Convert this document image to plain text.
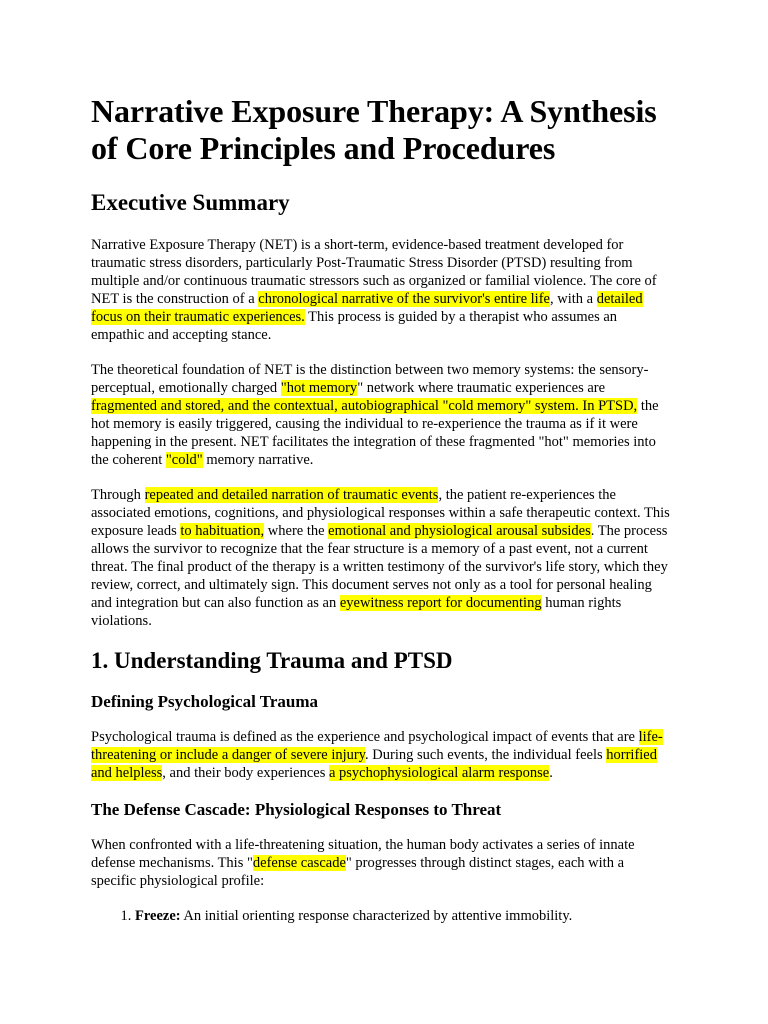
Narrative Exposure Therapy: A Synthesis of Core Principles and Procedures
Executive Summary

Narrative Exposure Therapy (NET) is a short-term, evidence-based treatment developed for traumatic stress disorders, particularly Post-Traumatic Stress Disorder (PTSD) resulting from multiple and/or continuous traumatic stressors such as organized or familial violence. The core of NET is the construction of a chronological narrative of the survivor's entire life, with a detailed focus on their traumatic experiences. This process is guided by a therapist who assumes an empathic and accepting stance.

The theoretical foundation of NET is the distinction between two memory systems: the sensory-perceptual, emotionally charged "hot memory" network where traumatic experiences are fragmented and stored, and the contextual, autobiographical "cold memory" system. In PTSD, the hot memory is easily triggered, causing the individual to re-experience the trauma as if it were happening in the present. NET facilitates the integration of these fragmented "hot" memories into the coherent "cold" memory narrative.

Through repeated and detailed narration of traumatic events, the patient re-experiences the associated emotions, cognitions, and physiological responses within a safe therapeutic context. This exposure leads to habituation, where the emotional and physiological arousal subsides. The process allows the survivor to recognize that the fear structure is a memory of a past event, not a current threat. The final product of the therapy is a written testimony of the survivor's life story, which they review, correct, and ultimately sign. This document serves not only as a tool for personal healing and integration but can also function as an eyewitness report for documenting human rights violations.

1. Understanding Trauma and PTSD
Defining Psychological Trauma

Psychological trauma is defined as the experience and psychological impact of events that are life-threatening or include a danger of severe injury. During such events, the individual feels horrified and helpless, and their body experiences a psychophysiological alarm response.

The Defense Cascade: Physiological Responses to Threat

When confronted with a life-threatening situation, the human body activates a series of innate defense mechanisms. This "defense cascade" progresses through distinct stages, each with a specific physiological profile:

1. Freeze: An initial orienting response characterized by attentive immobility.
